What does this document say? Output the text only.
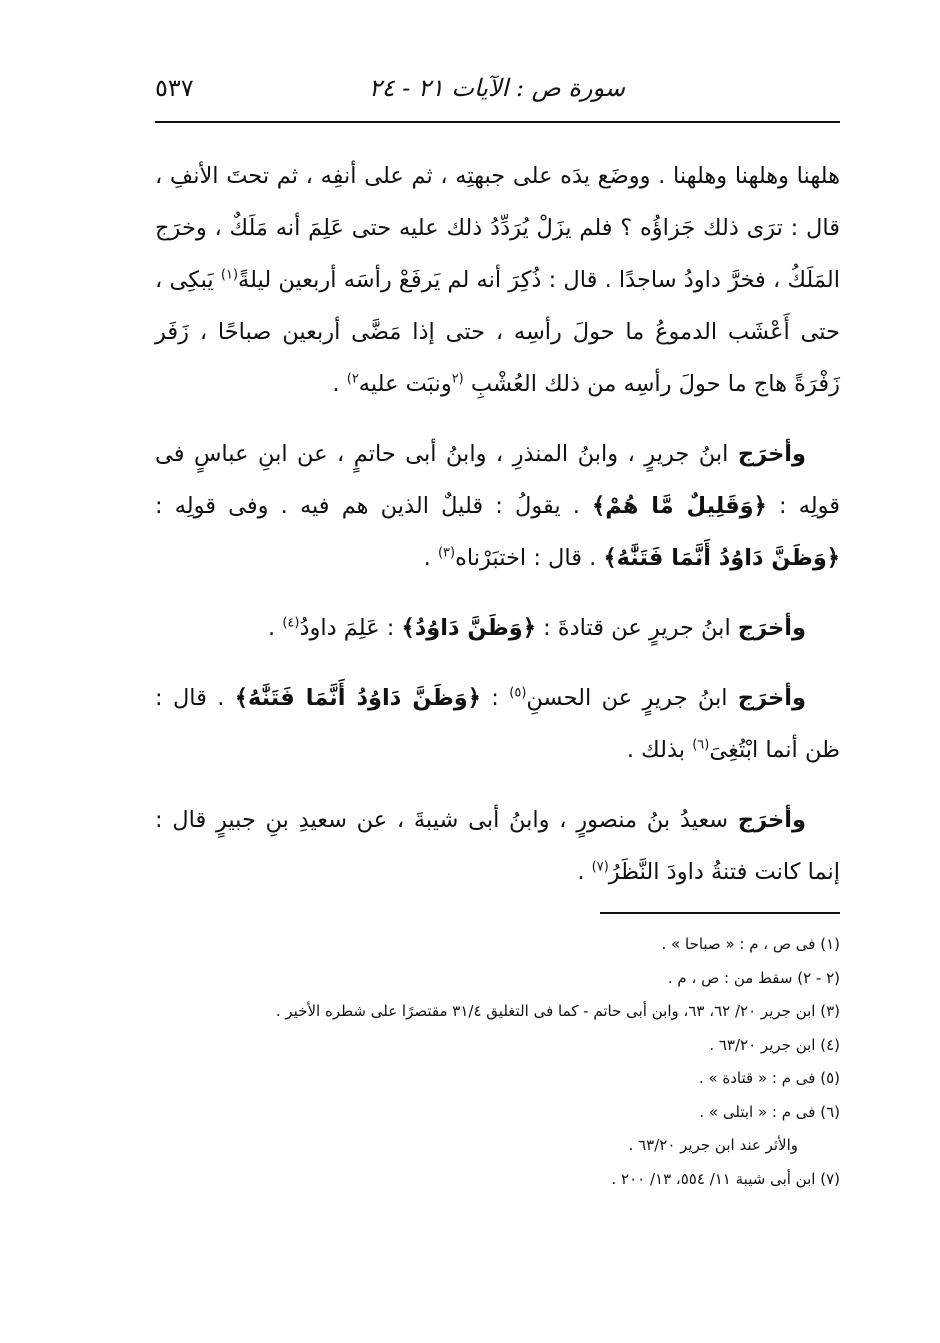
سورة ص : الآيات ٢١ - ٢٤
٥٣٧

هلهنا وهلهنا وهلهنا . ووضَع يدَه على جبهتِه ، ثم على أنفِه ، ثم تحتَ الأنفِ ، قال : ترَى ذلك جَزاؤُه ؟ فلم يزَلْ يُرَدِّدُ ذلك عليه حتى عَلِمَ أنه مَلَكٌ ، وخرَج المَلَكُ ، فخرَّ داودُ ساجدًا . قال : ذُكِرَ أنه لم يَرفَعْ رأسَه أربعين ليلةً$^{(١)}$ يَبكِى ، حتى أَعْشَب الدموعُ ما حولَ رأسِه ، حتى إذا مَضَّى أربعين صباحًا ، زَفَر زَفْرَةً هاج ما حولَ رأسِه من ذلك العُشْبِ $^{(٢}$ونبَت عليه$^{٢)}$ .

وأخرَج ابنُ جريرٍ ، وابنُ المنذرِ ، وابنُ أبى حاتمٍ ، عن ابنِ عباسٍ فى قولِه : ﴿وَقَلِيلٌ مَّا هُمْ﴾ . يقولُ : قليلٌ الذين هم فيه . وفى قولِه : ﴿وَظَنَّ دَاوُدُ أَنَّمَا فَتَنَّٰهُ﴾ . قال : اختبَرْناه$^{(٣)}$ .

وأخرَج ابنُ جريرٍ عن قتادةَ : ﴿وَظَنَّ دَاوُدُ﴾ : عَلِمَ داودُ$^{(٤)}$ .

وأخرَج ابنُ جريرٍ عن الحسنِ$^{(٥)}$ : ﴿وَظَنَّ دَاوُدُ أَنَّمَا فَتَنَّٰهُ﴾ . قال : ظن أنما ابْتُغِىَ$^{(٦)}$ بذلك .

وأخرَج سعيدُ بنُ منصورٍ ، وابنُ أبى شيبةَ ، عن سعيدِ بنِ جبيرٍ قال : إنما كانت فتنةُ داودَ النَّظَرُ$^{(٧)}$ .

(١) فى ص ، م : « صباحا » .
(٢ - ٢) سقط من : ص ، م .
(٣) ابن جرير ٢٠/ ٦٢، ٦٣، وابن أبى حاتم - كما فى التغليق ٣١/٤ مقتصرًا على شطره الأخير .
(٤) ابن جرير ٦٣/٢٠ .
(٥) فى م : « قتادة » .
(٦) فى م : « ابتلى » .
والأثر عند ابن جرير ٦٣/٢٠ .
(٧) ابن أبى شيبة ١١/ ٥٥٤، ١٣/ ٢٠٠ .
